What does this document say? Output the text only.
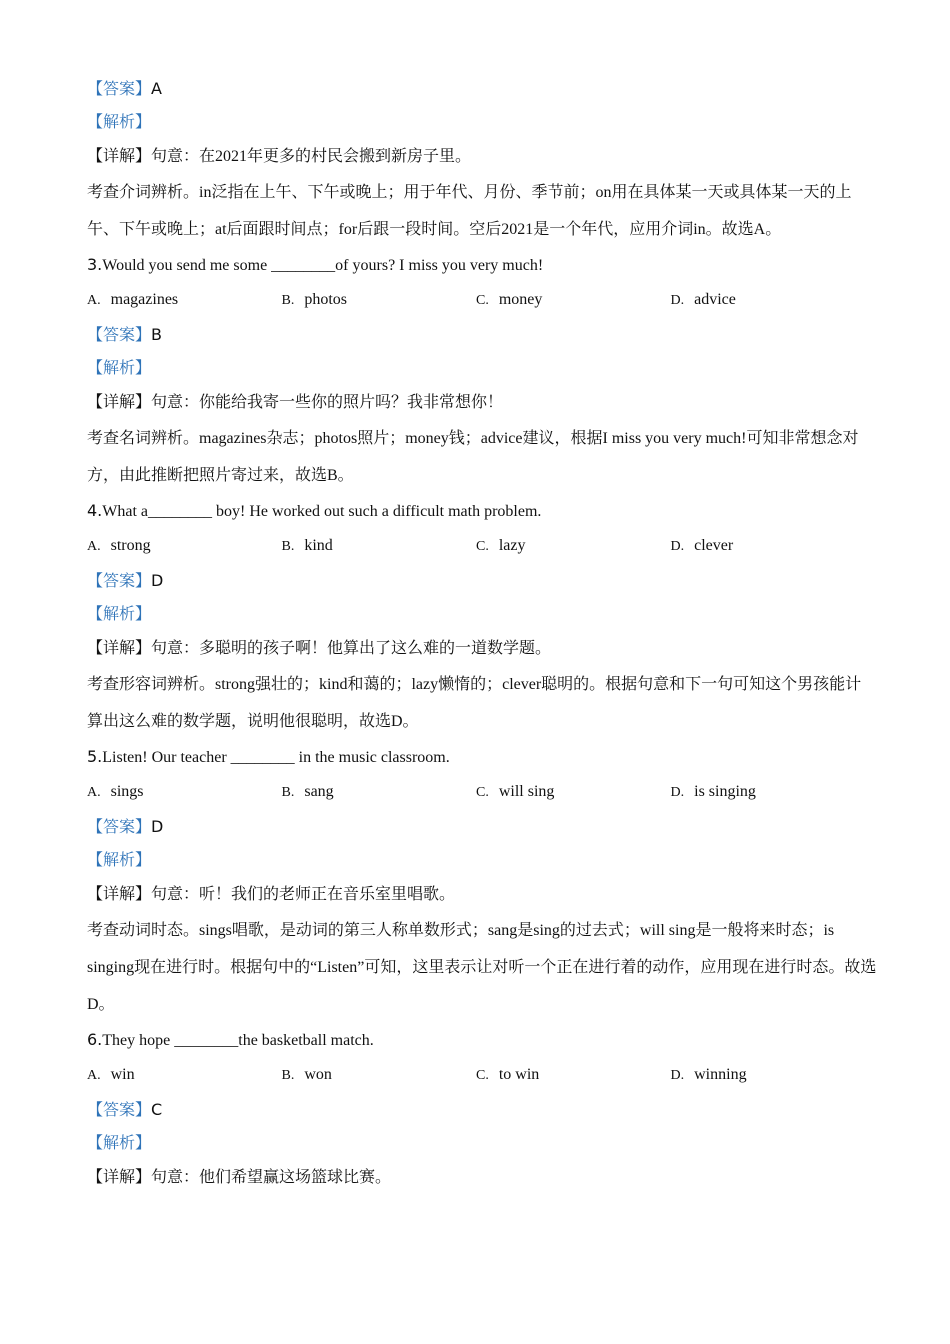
【答案】A
【解析】
【详解】句意：在2021年更多的村民会搬到新房子里。
考查介词辨析。in泛指在上午、下午或晚上；用于年代、月份、季节前；on用在具体某一天或具体某一天的上午、下午或晚上；at后面跟时间点；for后跟一段时间。空后2021是一个年代，应用介词in。故选A。
3.Would you send me some ________of yours? I miss you very much!
A. magazines	B. photos	C. money	D. advice
【答案】B
【解析】
【详解】句意：你能给我寄一些你的照片吗？我非常想你！
考查名词辨析。magazines杂志；photos照片；money钱；advice建议，根据I miss you very much!可知非常想念对方，由此推断把照片寄过来，故选B。
4.What a________ boy! He worked out such a difficult math problem.
A. strong	B. kind	C. lazy	D. clever
【答案】D
【解析】
【详解】句意：多聪明的孩子啊！他算出了这么难的一道数学题。
考查形容词辨析。strong强壮的；kind和蔼的；lazy懒惰的；clever聪明的。根据句意和下一句可知这个男孩能计算出这么难的数学题，说明他很聪明，故选D。
5.Listen! Our teacher ________ in the music classroom.
A. sings	B. sang	C. will sing	D. is singing
【答案】D
【解析】
【详解】句意：听！我们的老师正在音乐室里唱歌。
考查动词时态。sings唱歌，是动词的第三人称单数形式；sang是sing的过去式；will sing是一般将来时态；is singing现在进行时。根据句中的“Listen”可知，这里表示让对听一个正在进行着的动作，应用现在进行时态。故选D。
6.They hope ________the basketball match.
A. win	B. won	C. to win	D. winning
【答案】C
【解析】
【详解】句意：他们希望赢这场篮球比赛。
